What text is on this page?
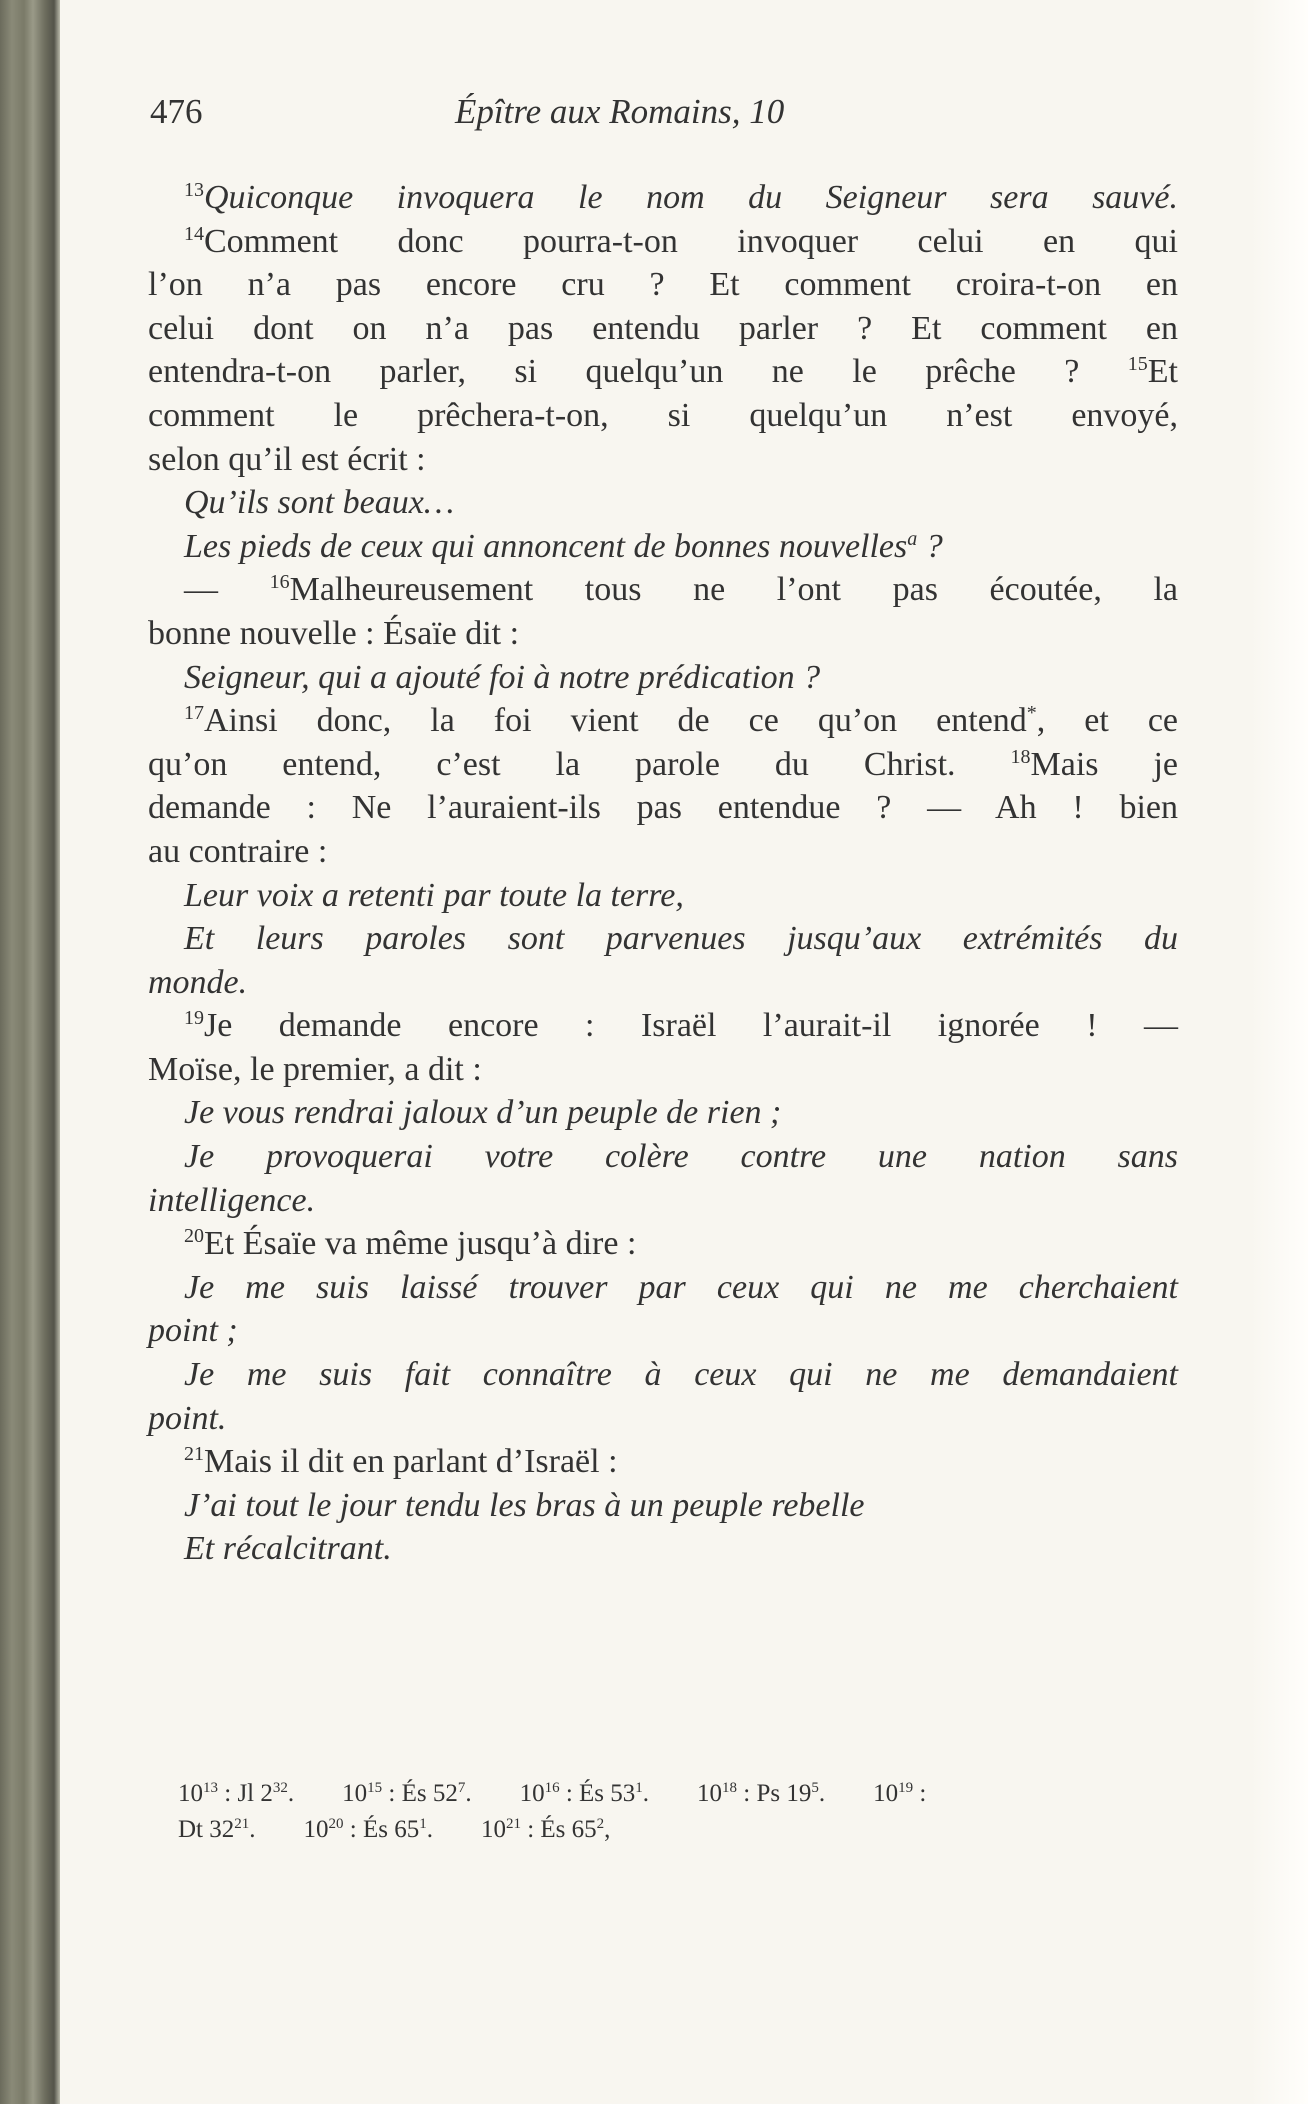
476	Épître aux Romains, 10
$^{13}$Quiconque invoquera le nom du Seigneur sera sauvé.
$^{14}$Comment donc pourra-t-on invoquer celui en qui
l’on n’a pas encore cru ? Et comment croira-t-on en
celui dont on n’a pas entendu parler ? Et comment en
entendra-t-on parler, si quelqu’un ne le prêche ? $^{15}$Et
comment le prêchera-t-on, si quelqu’un n’est envoyé,
selon qu’il est écrit :
Qu’ils sont beaux…
Les pieds de ceux qui annoncent de bonnes nouvelles$^a$ ?
— $^{16}$Malheureusement tous ne l’ont pas écoutée, la
bonne nouvelle : Ésaïe dit :
Seigneur, qui a ajouté foi à notre prédication ?
$^{17}$Ainsi donc, la foi vient de ce qu’on entend*, et ce
qu’on entend, c’est la parole du Christ.	$^{18}$Mais je
demande : Ne l’auraient-ils pas entendue ? — Ah ! bien
au contraire :
Leur voix a retenti par toute la terre,
Et leurs paroles sont parvenues jusqu’aux extrémités du
monde.
$^{19}$Je demande encore : Israël l’aurait-il ignorée ! —
Moïse, le premier, a dit :
Je vous rendrai jaloux d’un peuple de rien ;
Je provoquerai votre colère contre une nation sans
intelligence.
$^{20}$Et Ésaïe va même jusqu’à dire :
Je me suis laissé trouver par ceux qui ne me cherchaient
point ;
Je me suis fait connaître à ceux qui ne me demandaient
point.
$^{21}$Mais il dit en parlant d’Israël :
J’ai tout le jour tendu les bras à un peuple rebelle
Et récalcitrant.
$10^{13}$ : Jl $2^{32}$. $10^{15}$ : És $52^7$. $10^{16}$ : És $53^1$. $10^{18}$ : Ps $19^5$. $10^{19}$ :
Dt $32^{21}$. $10^{20}$ : És $65^1$. $10^{21}$ : És $65^2$,
